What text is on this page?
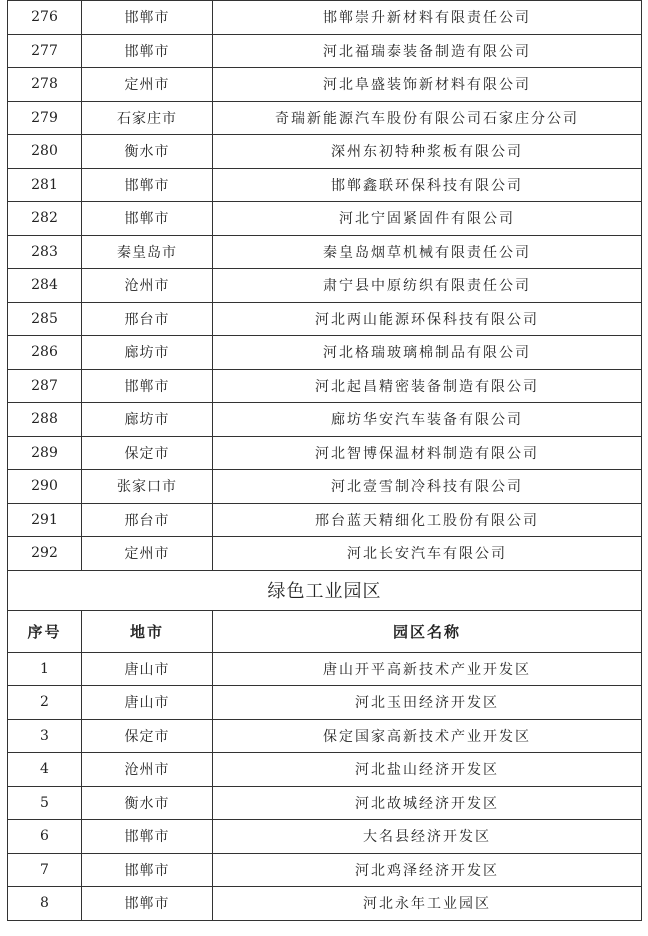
276	邯郸市	邯郸崇升新材料有限责任公司
277	邯郸市	河北福瑞泰装备制造有限公司
278	定州市	河北阜盛装饰新材料有限公司
279	石家庄市	奇瑞新能源汽车股份有限公司石家庄分公司
280	衡水市	深州东初特种浆板有限公司
281	邯郸市	邯郸鑫联环保科技有限公司
282	邯郸市	河北宁固紧固件有限公司
283	秦皇岛市	秦皇岛烟草机械有限责任公司
284	沧州市	肃宁县中原纺织有限责任公司
285	邢台市	河北两山能源环保科技有限公司
286	廊坊市	河北格瑞玻璃棉制品有限公司
287	邯郸市	河北起昌精密装备制造有限公司
288	廊坊市	廊坊华安汽车装备有限公司
289	保定市	河北智博保温材料制造有限公司
290	张家口市	河北壹雪制冷科技有限公司
291	邢台市	邢台蓝天精细化工股份有限公司
292	定州市	河北长安汽车有限公司
绿色工业园区		
序号	地市	园区名称
1	唐山市	唐山开平高新技术产业开发区
2	唐山市	河北玉田经济开发区
3	保定市	保定国家高新技术产业开发区
4	沧州市	河北盐山经济开发区
5	衡水市	河北故城经济开发区
6	邯郸市	大名县经济开发区
7	邯郸市	河北鸡泽经济开发区
8	邯郸市	河北永年工业园区
